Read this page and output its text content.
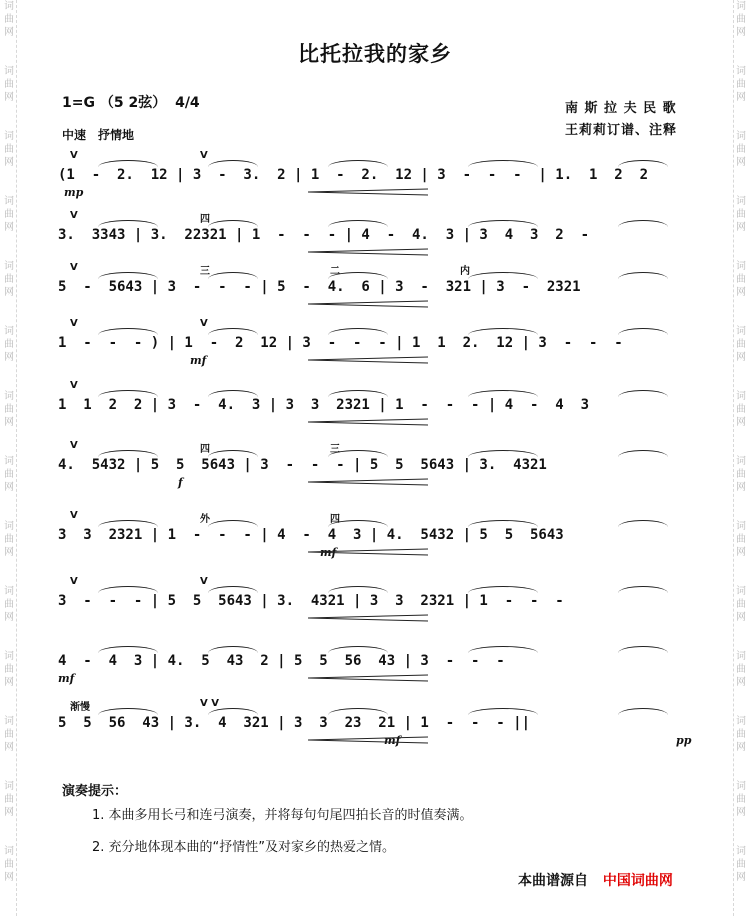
词
曲
网
词
曲
网
词
曲
网
词
曲
网
词
曲
网
词
曲
网
词
曲
网
词
曲
网
词
曲
网
词
曲
网
词
曲
网
词
曲
网
词
曲
网
词
曲
网
词
曲
网
词
曲
网
词
曲
网
词
曲
网
词
曲
网
词
曲
网
词
曲
网
词
曲
网
词
曲
网
词
曲
网
词
曲
网
词
曲
网
词
曲
网
词
曲
网
比托拉我的家乡
1=G （5 2弦） 4/4
中速　抒情地
南 斯 拉 夫 民 歌
王莉莉订谱、注释
(1  -  2.  12 | 3  -  3.  2 | 1  -  2.  12 | 3  -  -  -  | 1.  1  2  2
V	V
mp
3.  3343 | 3.  22321 | 1  -  -  - | 4  -  4.  3 | 3  4  3  2  -
V	四
5  -  5643 | 3  -  -  - | 5  -  4.  6 | 3  -  321 | 3  -  2321
V	三	二	内
1  -  -  - ) | 1  -  2  12 | 3  -  -  - | 1  1  2.  12 | 3  -  -  -
V	V
mf
1  1  2  2 | 3  -  4.  3 | 3  3  2321 | 1  -  -  - | 4  -  4  3
V
4.  5432 | 5  5  5643 | 3  -  -  - | 5  5  5643 | 3.  4321
V	四	三
f
3  3  2321 | 1  -  -  - | 4  -  4  3 | 4.  5432 | 5  5  5643
V	外	四
mf
3  -  -  - | 5  5  5643 | 3.  4321 | 3  3  2321 | 1  -  -  -
V	V
4  -  4  3 | 4.  5  43  2 | 5  5  56  43 | 3  -  -  -
mf
5  5  56  43 | 3.  4  321 | 3  3  23  21 | 1  -  -  - ||
渐慢	V V
mf	pp
演奏提示：
1. 本曲多用长弓和连弓演奏，并将每句句尾四拍长音的时值奏满。
2. 充分地体现本曲的“抒情性”及对家乡的热爱之情。
本曲谱源自 中国词曲网
